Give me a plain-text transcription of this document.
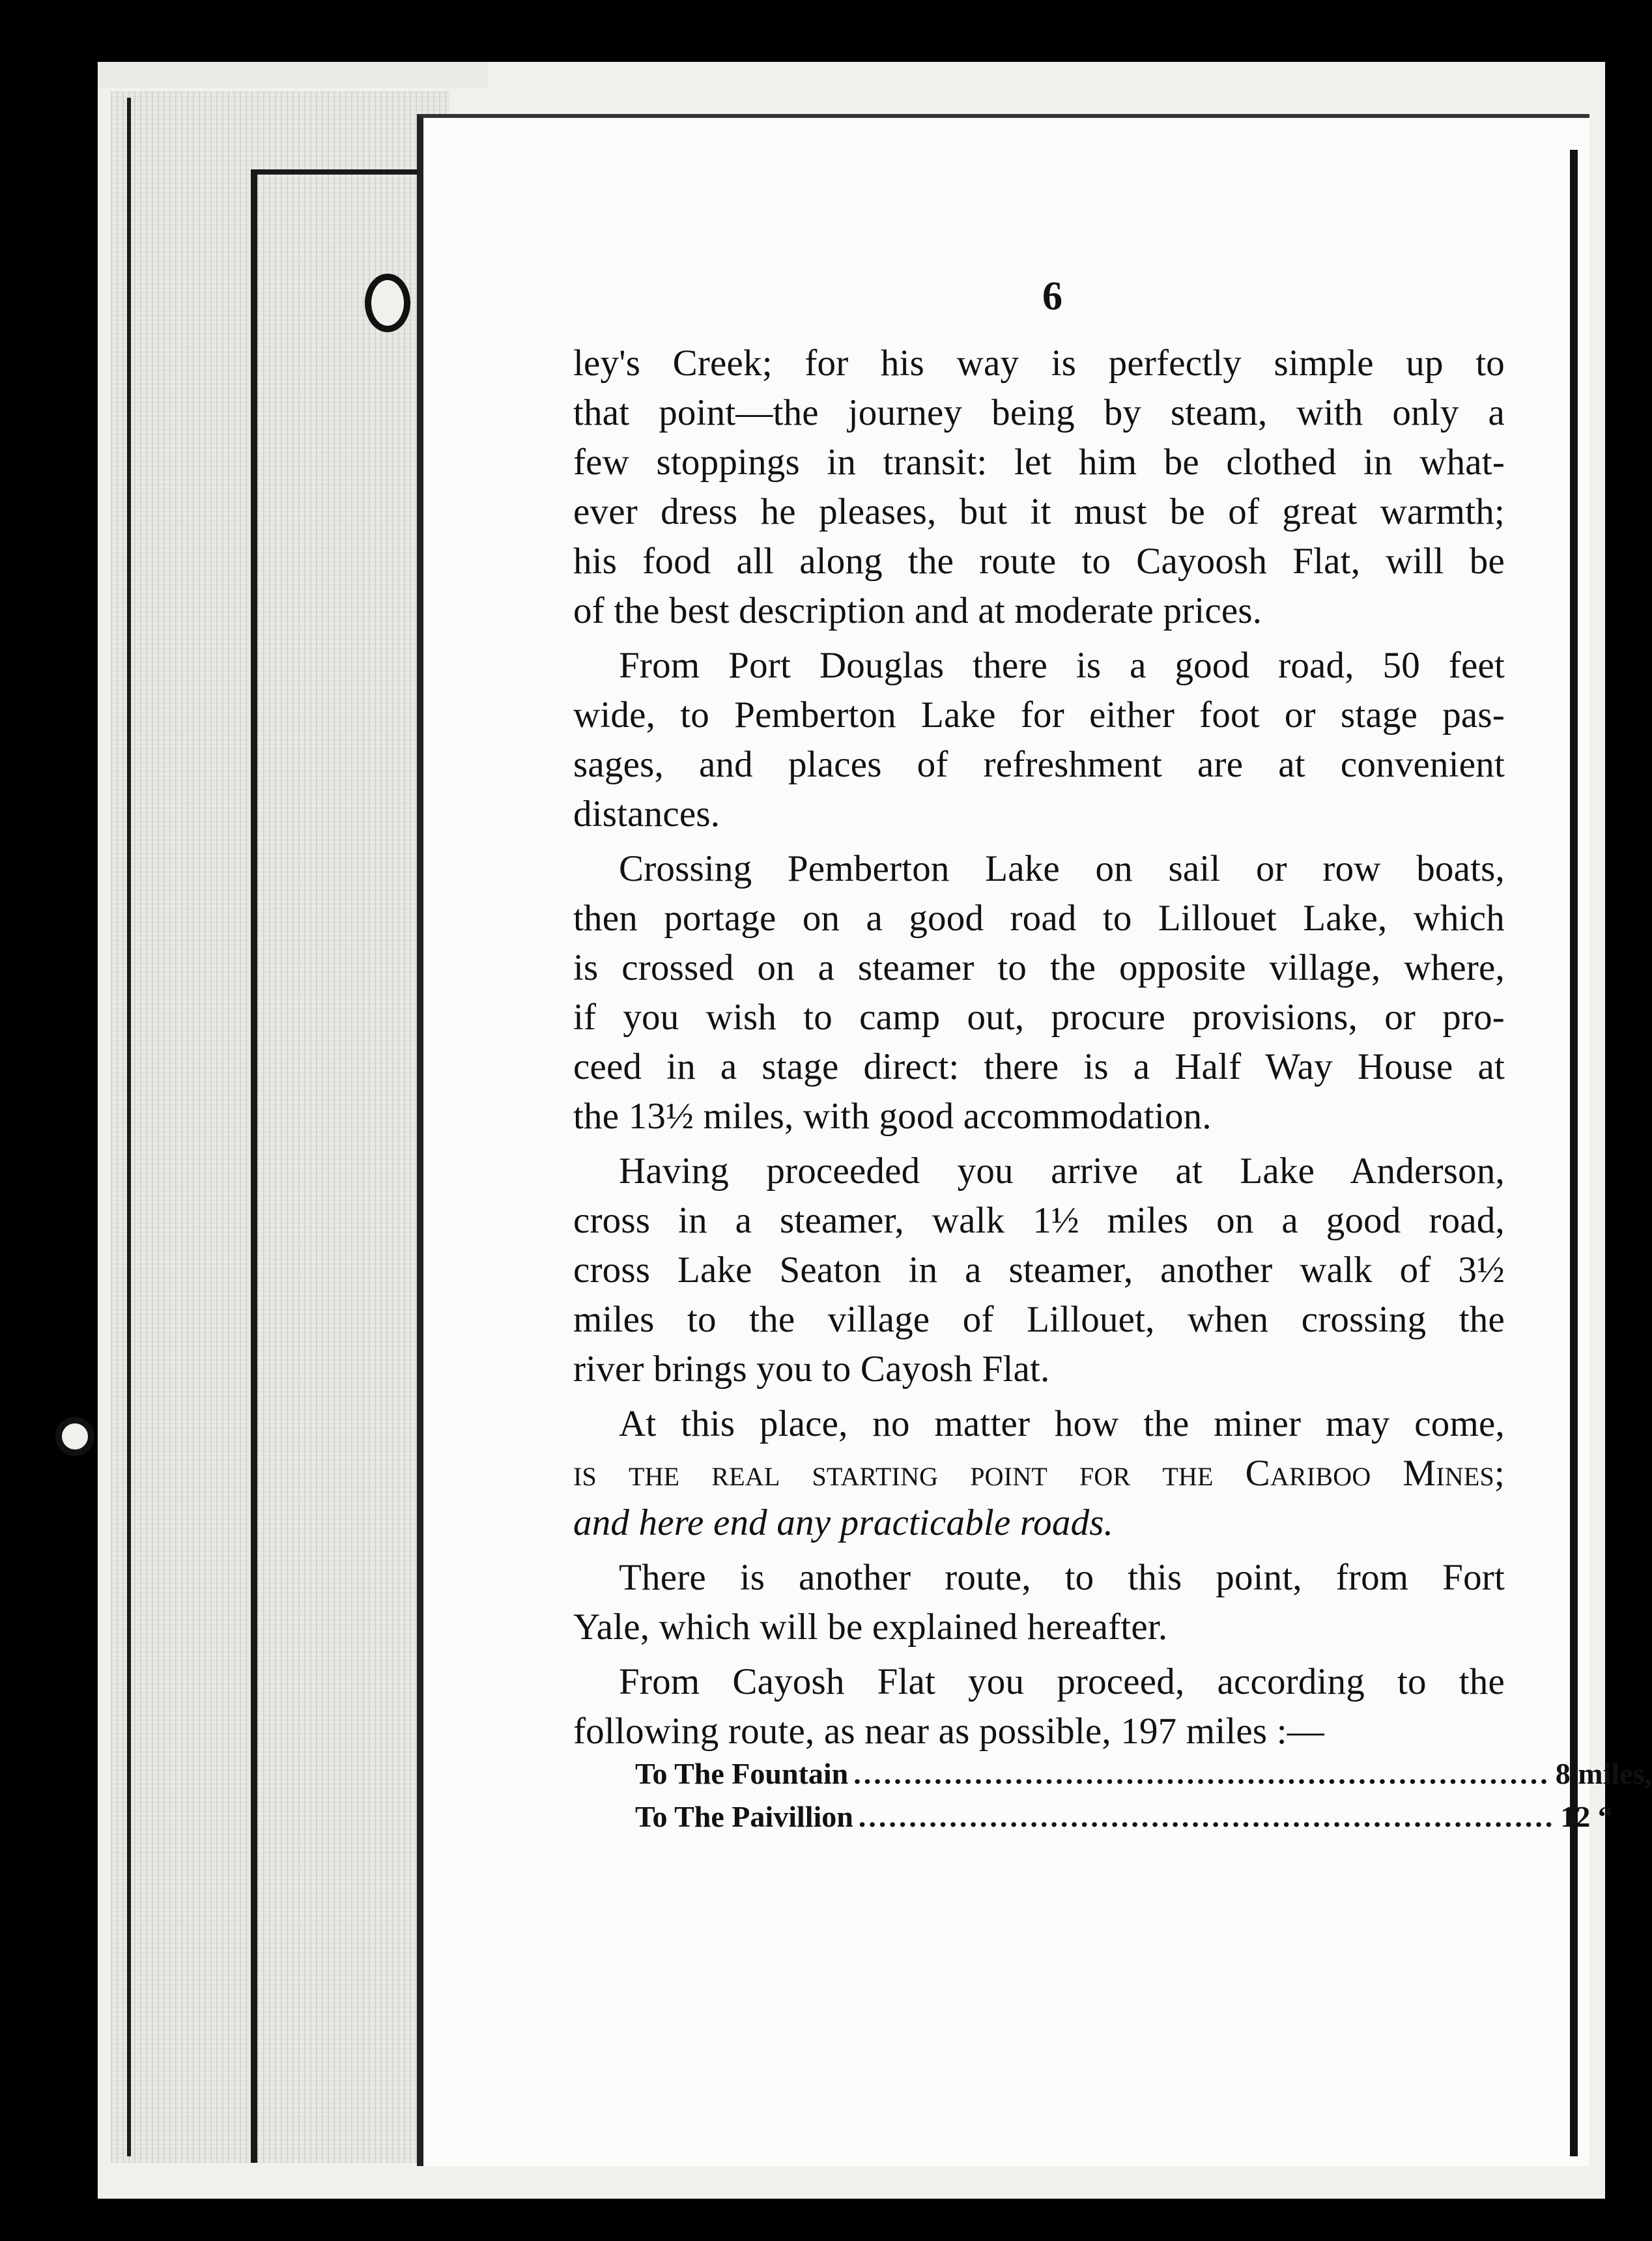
6
ley's Creek; for his way is perfectly simple up to
that point—the journey being by steam, with only a
few stoppings in transit: let him be clothed in what-
ever dress he pleases, but it must be of great warmth;
his food all along the route to Cayoosh Flat, will be
of the best description and at moderate prices.
From Port Douglas there is a good road, 50 feet
wide, to Pemberton Lake for either foot or stage pas-
sages, and places of refreshment are at convenient
distances.
Crossing Pemberton Lake on sail or row boats,
then portage on a good road to Lillouet Lake, which
is crossed on a steamer to the opposite village, where,
if you wish to camp out, procure provisions, or pro-
ceed in a stage direct: there is a Half Way House at
the 13½ miles, with good accommodation.
Having proceeded you arrive at Lake Anderson,
cross in a steamer, walk 1½ miles on a good road,
cross Lake Seaton in a steamer, another walk of 3½
miles to the village of Lillouet, when crossing the
river brings you to Cayosh Flat.
At this place, no matter how the miner may come,
is the real starting point for the Cariboo Mines;
and here end any practicable roads.
There is another route, to this point, from Fort
Yale, which will be explained hereafter.
From Cayosh Flat you proceed, according to the
following route, as near as possible, 197 miles :—
To The Fountain ..................................................................... 8 miles,
To The Paivillion ..................................................................... 12 “
